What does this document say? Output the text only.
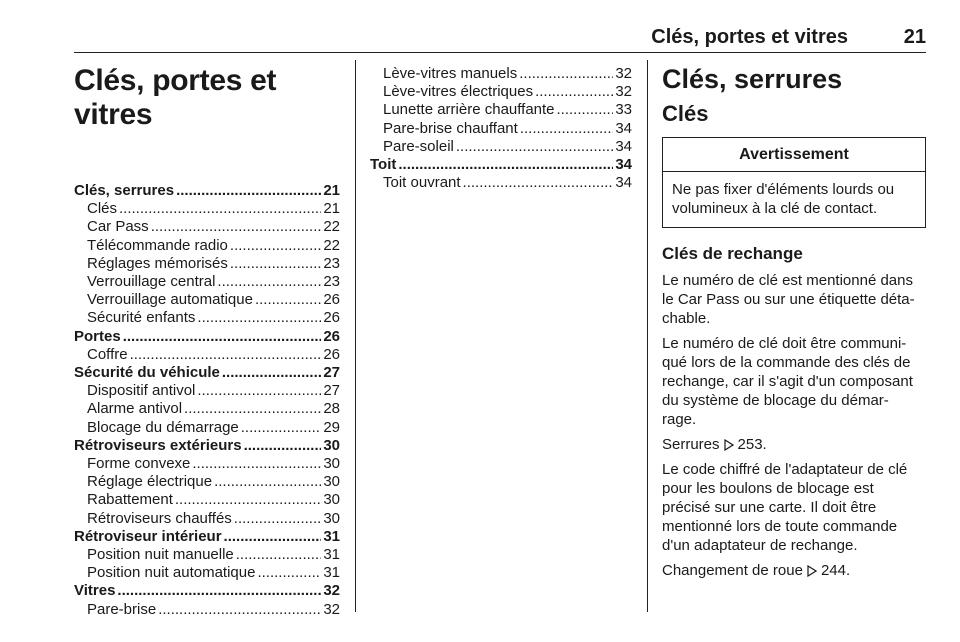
Clés, portes et vitres	21
Clés, portes et vitres
Clés, serrures .....	21
Clés .....	21
Car Pass .....	22
Télécommande radio .....	22
Réglages mémorisés .....	23
Verrouillage central .....	23
Verrouillage automatique .....	26
Sécurité enfants .....	26
Portes .....	26
Coffre .....	26
Sécurité du véhicule .....	27
Dispositif antivol .....	27
Alarme antivol .....	28
Blocage du démarrage .....	29
Rétroviseurs extérieurs .....	30
Forme convexe .....	30
Réglage électrique .....	30
Rabattement .....	30
Rétroviseurs chauffés .....	30
Rétroviseur intérieur .....	31
Position nuit manuelle .....	31
Position nuit automatique .....	31
Vitres .....	32
Pare-brise .....	32
Lève-vitres manuels .....	32
Lève-vitres électriques .....	32
Lunette arrière chauffante .....	33
Pare-brise chauffant .....	34
Pare-soleil .....	34
Toit .....	34
Toit ouvrant .....	34
Clés, serrures
Clés
Avertissement
Ne pas fixer d'éléments lourds ou volumineux à la clé de contact.
Clés de rechange

Le numéro de clé est mentionné dans le Car Pass ou sur une étiquette déta- chable.

Le numéro de clé doit être communi- qué lors de la commande des clés de rechange, car il s'agit d'un composant du système de blocage du démar- rage.

Serrures 253.

Le code chiffré de l'adaptateur de clé pour les boulons de blocage est précisé sur une carte. Il doit être mentionné lors de toute commande d'un adaptateur de rechange.

Changement de roue 244.
